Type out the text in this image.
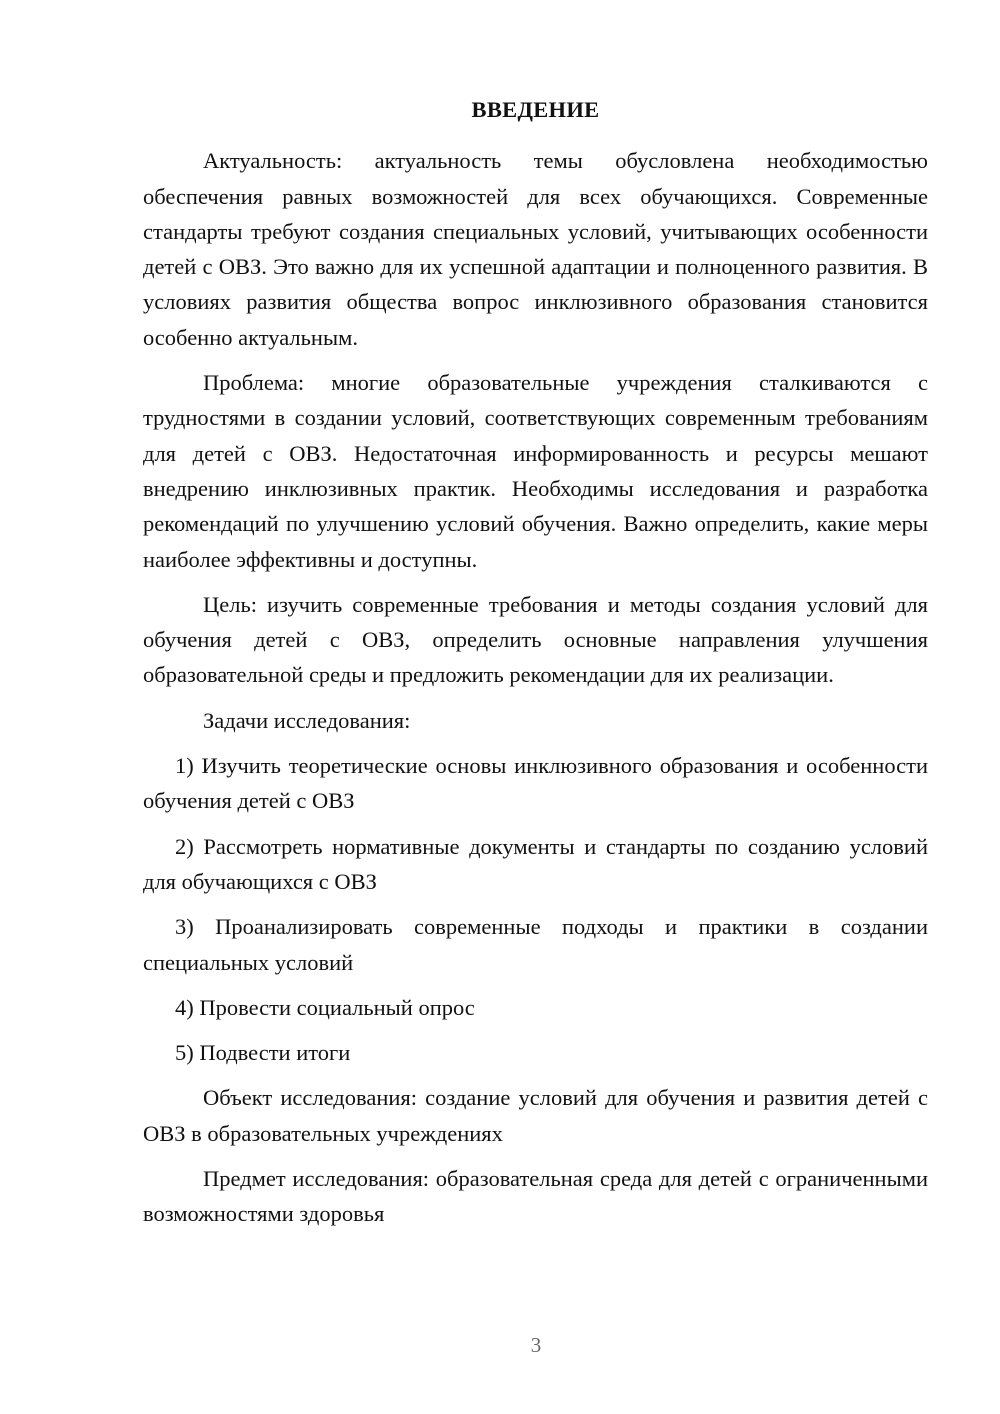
ВВЕДЕНИЕ
Актуальность: актуальность темы обусловлена необходимостью обеспечения равных возможностей для всех обучающихся. Современные стандарты требуют создания специальных условий, учитывающих особенности детей с ОВЗ. Это важно для их успешной адаптации и полноценного развития. В условиях развития общества вопрос инклюзивного образования становится особенно актуальным.
Проблема: многие образовательные учреждения сталкиваются с трудностями в создании условий, соответствующих современным требованиям для детей с ОВЗ. Недостаточная информированность и ресурсы мешают внедрению инклюзивных практик. Необходимы исследования и разработка рекомендаций по улучшению условий обучения. Важно определить, какие меры наиболее эффективны и доступны.
Цель: изучить современные требования и методы создания условий для обучения детей с ОВЗ, определить основные направления улучшения образовательной среды и предложить рекомендации для их реализации.
Задачи исследования:
1) Изучить теоретические основы инклюзивного образования и особенности обучения детей с ОВЗ
2) Рассмотреть нормативные документы и стандарты по созданию условий для обучающихся с ОВЗ
3) Проанализировать современные подходы и практики в создании специальных условий
4) Провести социальный опрос
5) Подвести итоги
Объект исследования: создание условий для обучения и развития детей с ОВЗ в образовательных учреждениях
Предмет исследования: образовательная среда для детей с ограниченными возможностями здоровья
3
